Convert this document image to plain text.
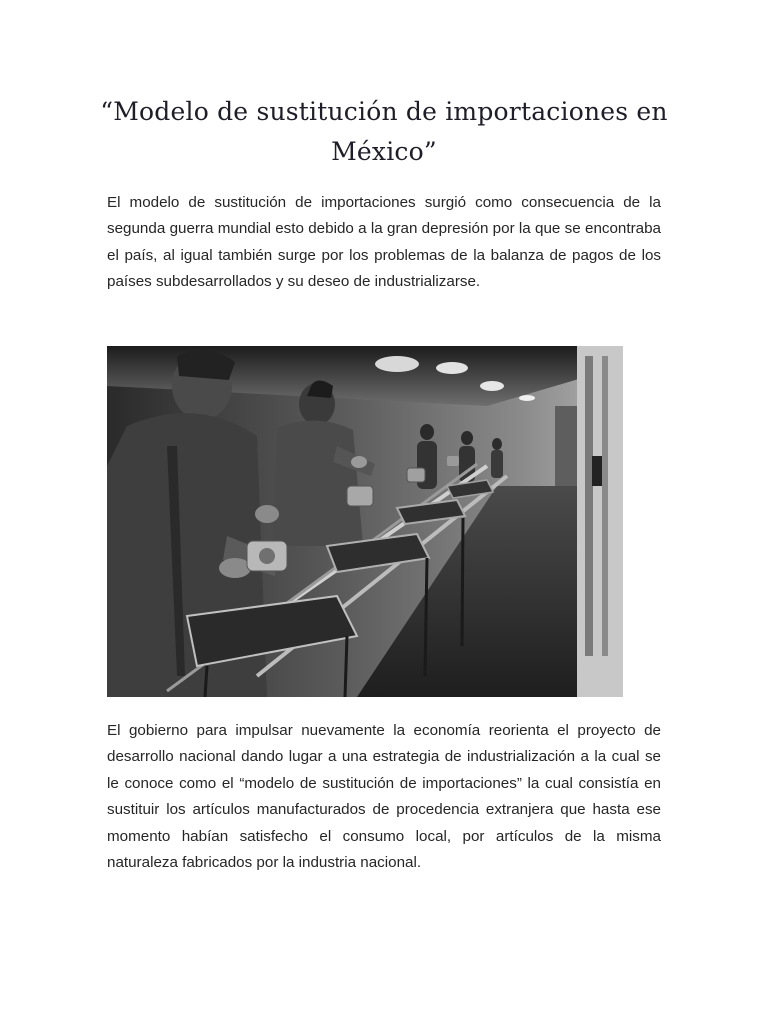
“Modelo de sustitución de importaciones en México”

El modelo de sustitución de importaciones surgió como consecuencia de la segunda guerra mundial esto debido a la gran depresión por la que se encontraba el país, al igual también surge por los problemas de la balanza de pagos de los países subdesarrollados y su deseo de industrializarse.

El gobierno para impulsar nuevamente la economía reorienta el proyecto de desarrollo nacional dando lugar a una estrategia de industrialización a la cual se le conoce como el “modelo de sustitución de importaciones” la cual consistía en sustituir los artículos manufacturados de procedencia extranjera que hasta ese momento habían satisfecho el consumo local, por artículos de la misma naturaleza fabricados por la industria nacional.
